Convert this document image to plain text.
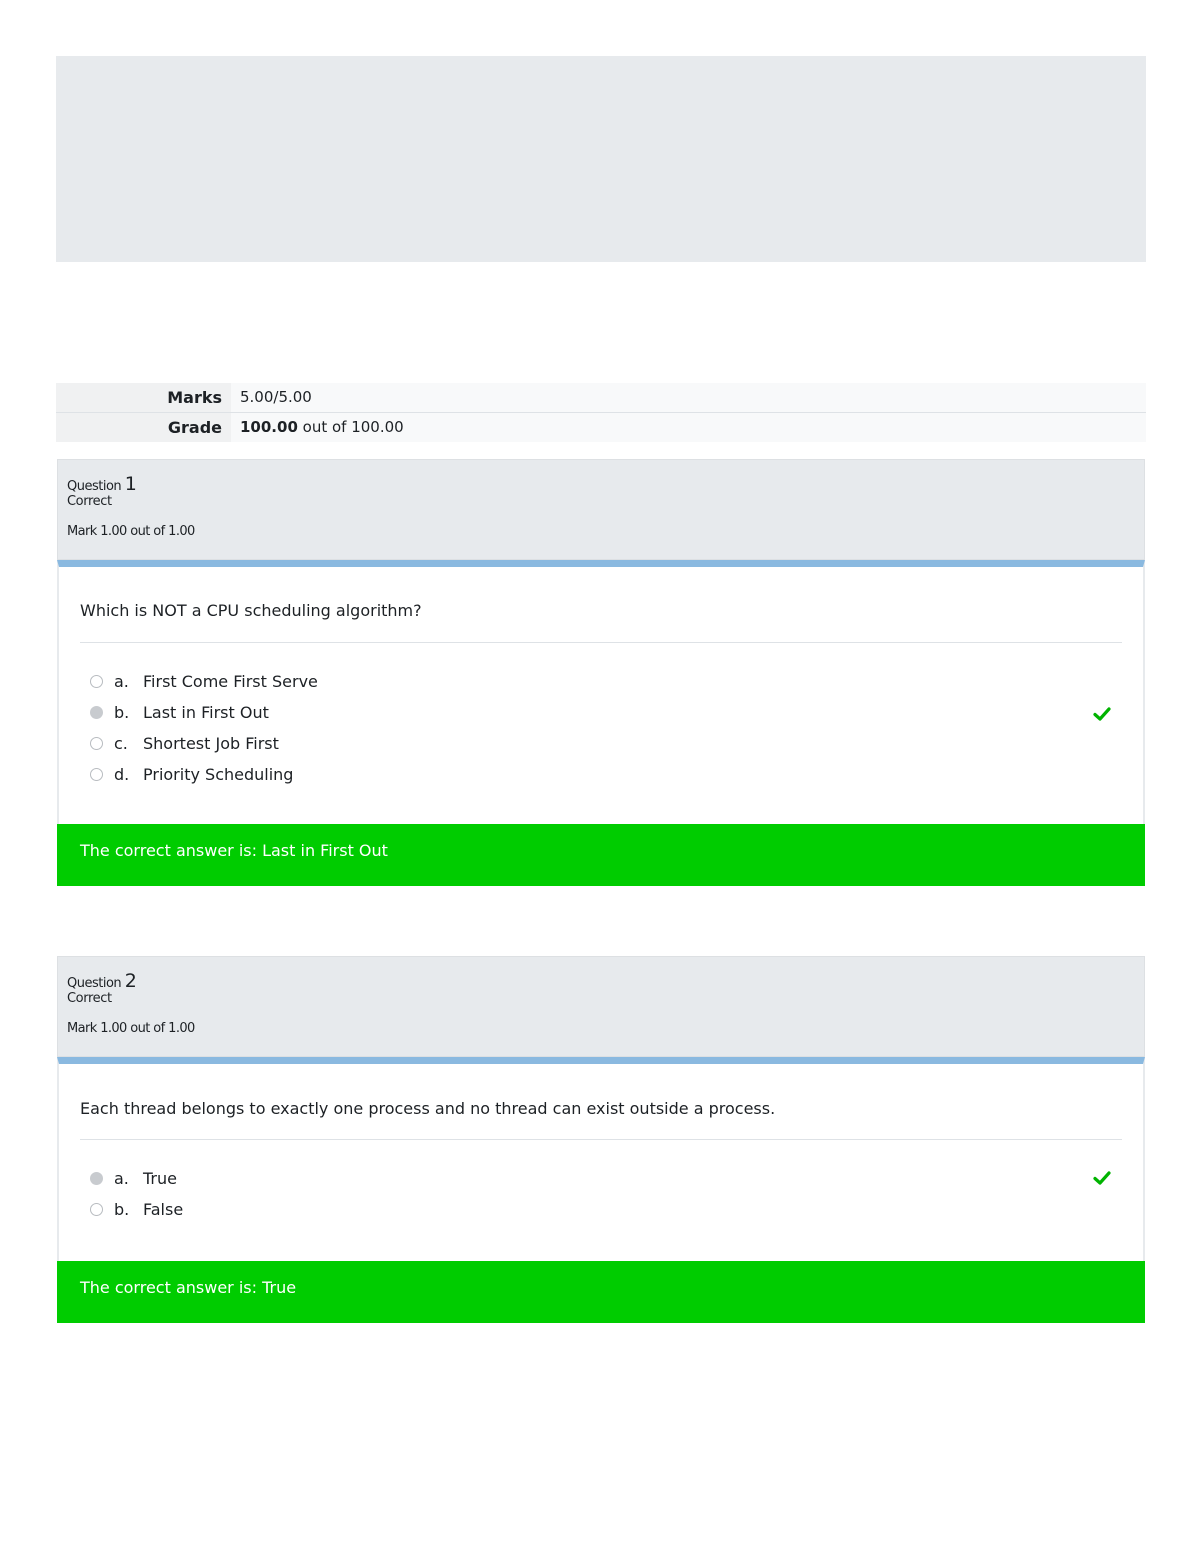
Marks	5.00/5.00
Grade	100.00 out of 100.00
Question 1
Correct
Mark 1.00 out of 1.00
Which is NOT a CPU scheduling algorithm?
a. First Come First Serve
b. Last in First Out
c. Shortest Job First
d. Priority Scheduling
The correct answer is: Last in First Out
Question 2
Correct
Mark 1.00 out of 1.00
Each thread belongs to exactly one process and no thread can exist outside a process.
a. True
b. False
The correct answer is: True
